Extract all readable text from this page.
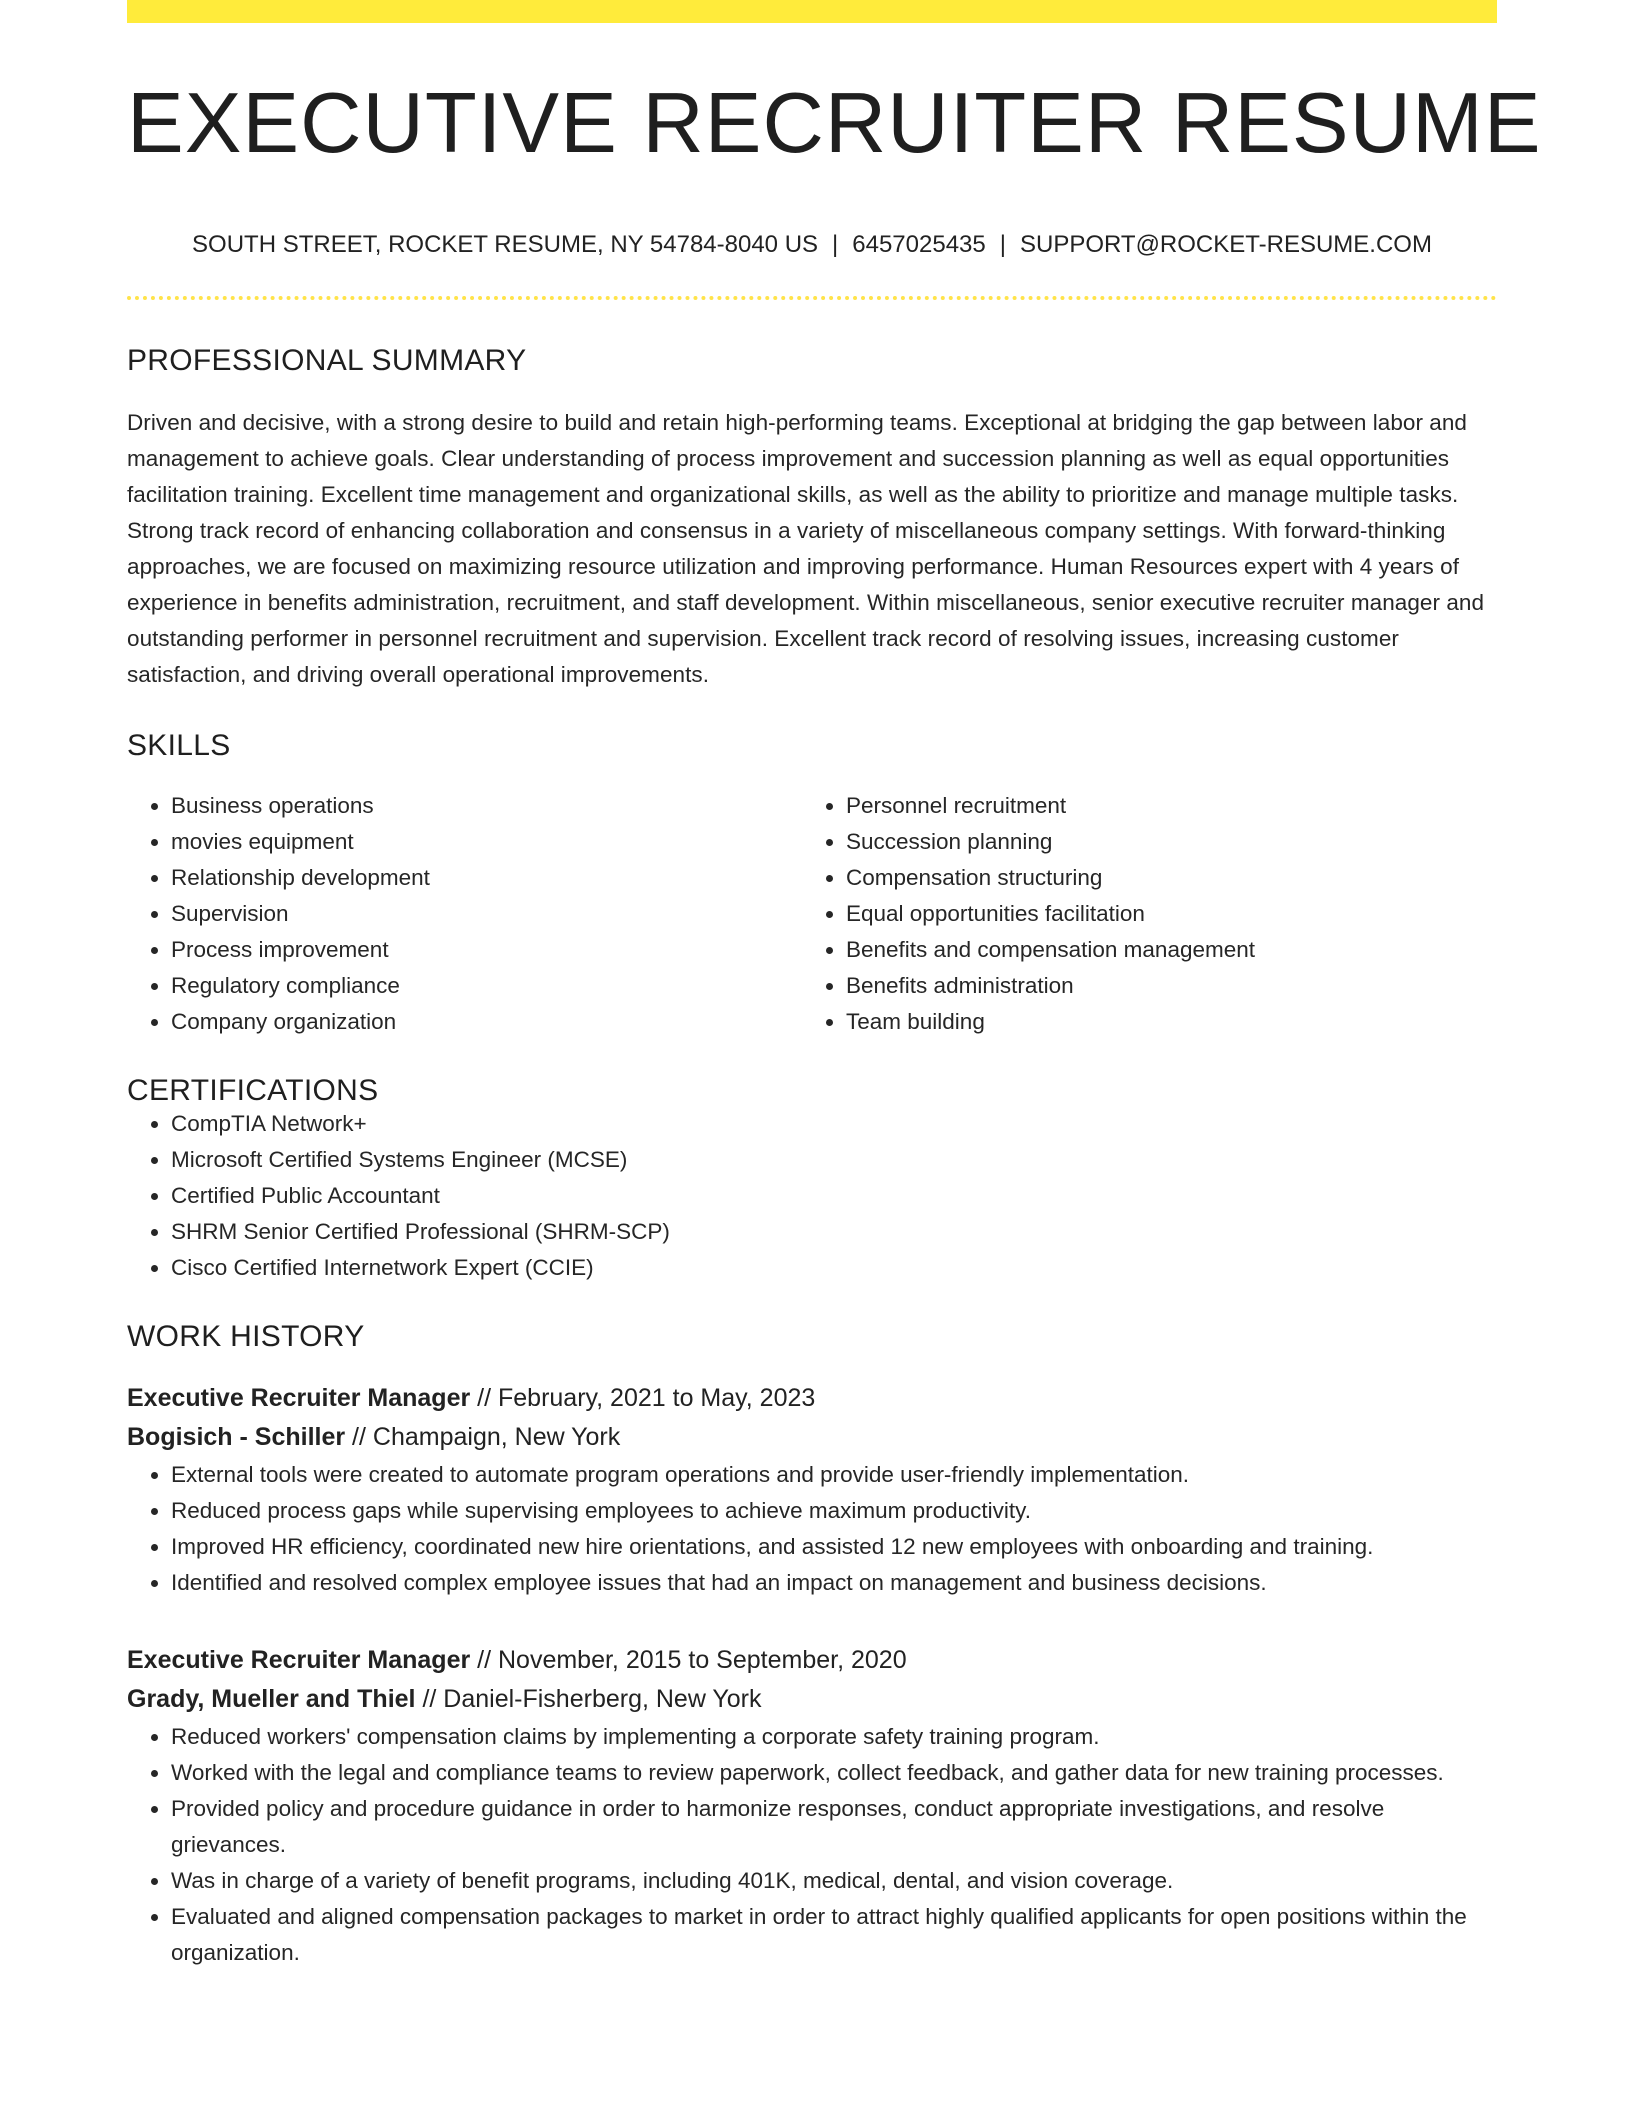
EXECUTIVE RECRUITER RESUME
SOUTH STREET, ROCKET RESUME, NY 54784-8040 US | 6457025435 | SUPPORT@ROCKET-RESUME.COM
PROFESSIONAL SUMMARY

Driven and decisive, with a strong desire to build and retain high-performing teams. Exceptional at bridging the gap between labor and management to achieve goals. Clear understanding of process improvement and succession planning as well as equal opportunities facilitation training. Excellent time management and organizational skills, as well as the ability to prioritize and manage multiple tasks. Strong track record of enhancing collaboration and consensus in a variety of miscellaneous company settings. With forward-thinking approaches, we are focused on maximizing resource utilization and improving performance. Human Resources expert with 4 years of experience in benefits administration, recruitment, and staff development. Within miscellaneous, senior executive recruiter manager and outstanding performer in personnel recruitment and supervision. Excellent track record of resolving issues, increasing customer satisfaction, and driving overall operational improvements.

SKILLS
• Business operations
• movies equipment
• Relationship development
• Supervision
• Process improvement
• Regulatory compliance
• Company organization
• Personnel recruitment
• Succession planning
• Compensation structuring
• Equal opportunities facilitation
• Benefits and compensation management
• Benefits administration
• Team building
CERTIFICATIONS
• CompTIA Network+
• Microsoft Certified Systems Engineer (MCSE)
• Certified Public Accountant
• SHRM Senior Certified Professional (SHRM-SCP)
• Cisco Certified Internetwork Expert (CCIE)
WORK HISTORY
Executive Recruiter Manager // February, 2021 to May, 2023
Bogisich - Schiller // Champaign, New York
• External tools were created to automate program operations and provide user-friendly implementation.
• Reduced process gaps while supervising employees to achieve maximum productivity.
• Improved HR efficiency, coordinated new hire orientations, and assisted 12 new employees with onboarding and training.
• Identified and resolved complex employee issues that had an impact on management and business decisions.
Executive Recruiter Manager // November, 2015 to September, 2020
Grady, Mueller and Thiel // Daniel-Fisherberg, New York
• Reduced workers' compensation claims by implementing a corporate safety training program.
• Worked with the legal and compliance teams to review paperwork, collect feedback, and gather data for new training processes.
• Provided policy and procedure guidance in order to harmonize responses, conduct appropriate investigations, and resolve grievances.
• Was in charge of a variety of benefit programs, including 401K, medical, dental, and vision coverage.
• Evaluated and aligned compensation packages to market in order to attract highly qualified applicants for open positions within the organization.
